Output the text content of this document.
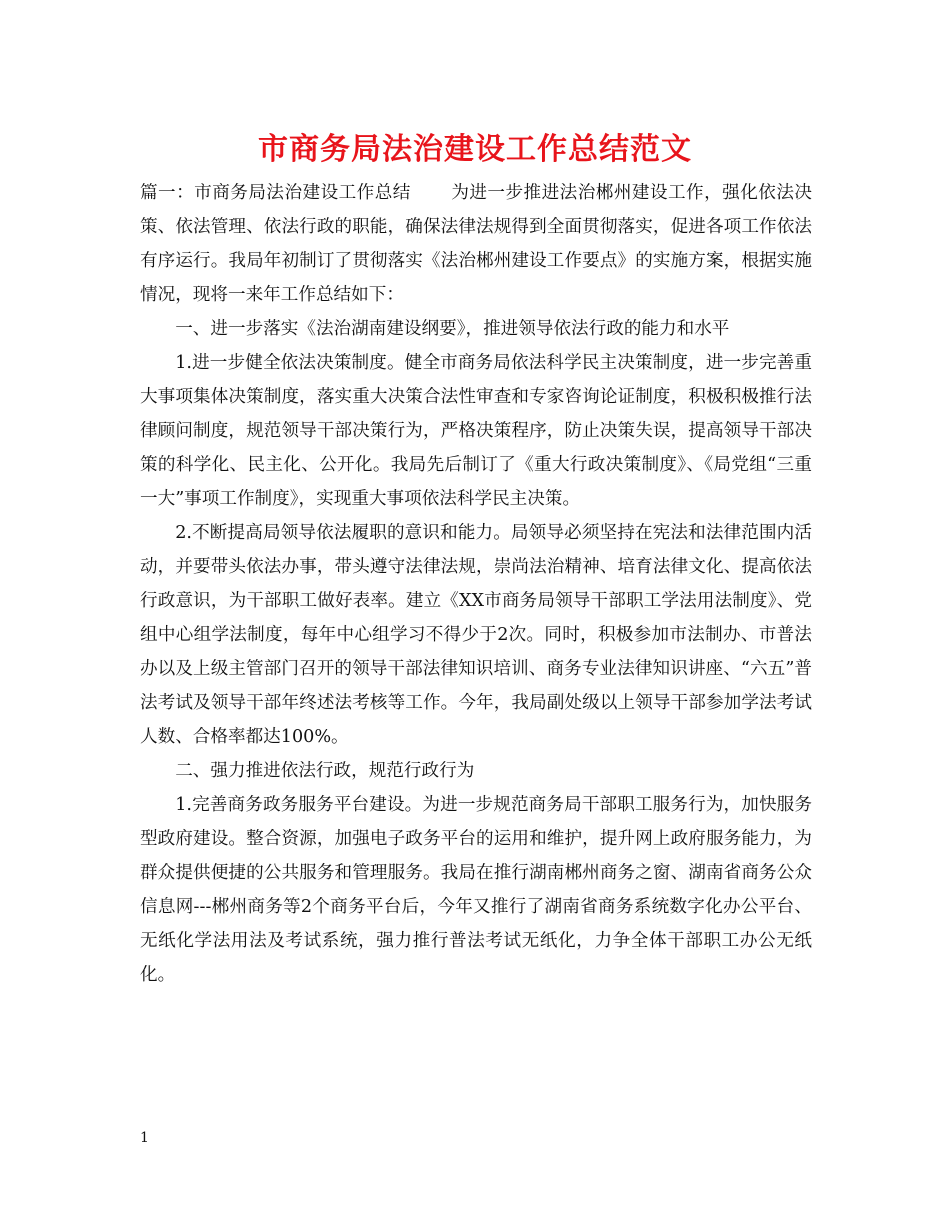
市商务局法治建设工作总结范文

篇一：市商务局法治建设工作总结 为进一步推进法治郴州建设工作，强化依法决策、依法管理、依法行政的职能，确保法律法规得到全面贯彻落实，促进各项工作依法有序运行。我局年初制订了贯彻落实《法治郴州建设工作要点》的实施方案，根据实施情况，现将一来年工作总结如下：

一、进一步落实《法治湖南建设纲要》，推进领导依法行政的能力和水平

1.进一步健全依法决策制度。健全市商务局依法科学民主决策制度，进一步完善重大事项集体决策制度，落实重大决策合法性审查和专家咨询论证制度，积极积极推行法律顾问制度，规范领导干部决策行为，严格决策程序，防止决策失误，提高领导干部决策的科学化、民主化、公开化。我局先后制订了《重大行政决策制度》、《局党组“三重一大”事项工作制度》，实现重大事项依法科学民主决策。

2.不断提高局领导依法履职的意识和能力。局领导必须坚持在宪法和法律范围内活动，并要带头依法办事，带头遵守法律法规，崇尚法治精神、培育法律文化、提高依法行政意识，为干部职工做好表率。建立《XX市商务局领导干部职工学法用法制度》、党组中心组学法制度，每年中心组学习不得少于2次。同时，积极参加市法制办、市普法办以及上级主管部门召开的领导干部法律知识培训、商务专业法律知识讲座、“六五”普法考试及领导干部年终述法考核等工作。今年，我局副处级以上领导干部参加学法考试人数、合格率都达100%。

二、强力推进依法行政，规范行政行为

1.完善商务政务服务平台建设。为进一步规范商务局干部职工服务行为，加快服务型政府建设。整合资源，加强电子政务平台的运用和维护，提升网上政府服务能力，为群众提供便捷的公共服务和管理服务。我局在推行湖南郴州商务之窗、湖南省商务公众信息网---郴州商务等2个商务平台后，今年又推行了湖南省商务系统数字化办公平台、无纸化学法用法及考试系统，强力推行普法考试无纸化，力争全体干部职工办公无纸化。

1
